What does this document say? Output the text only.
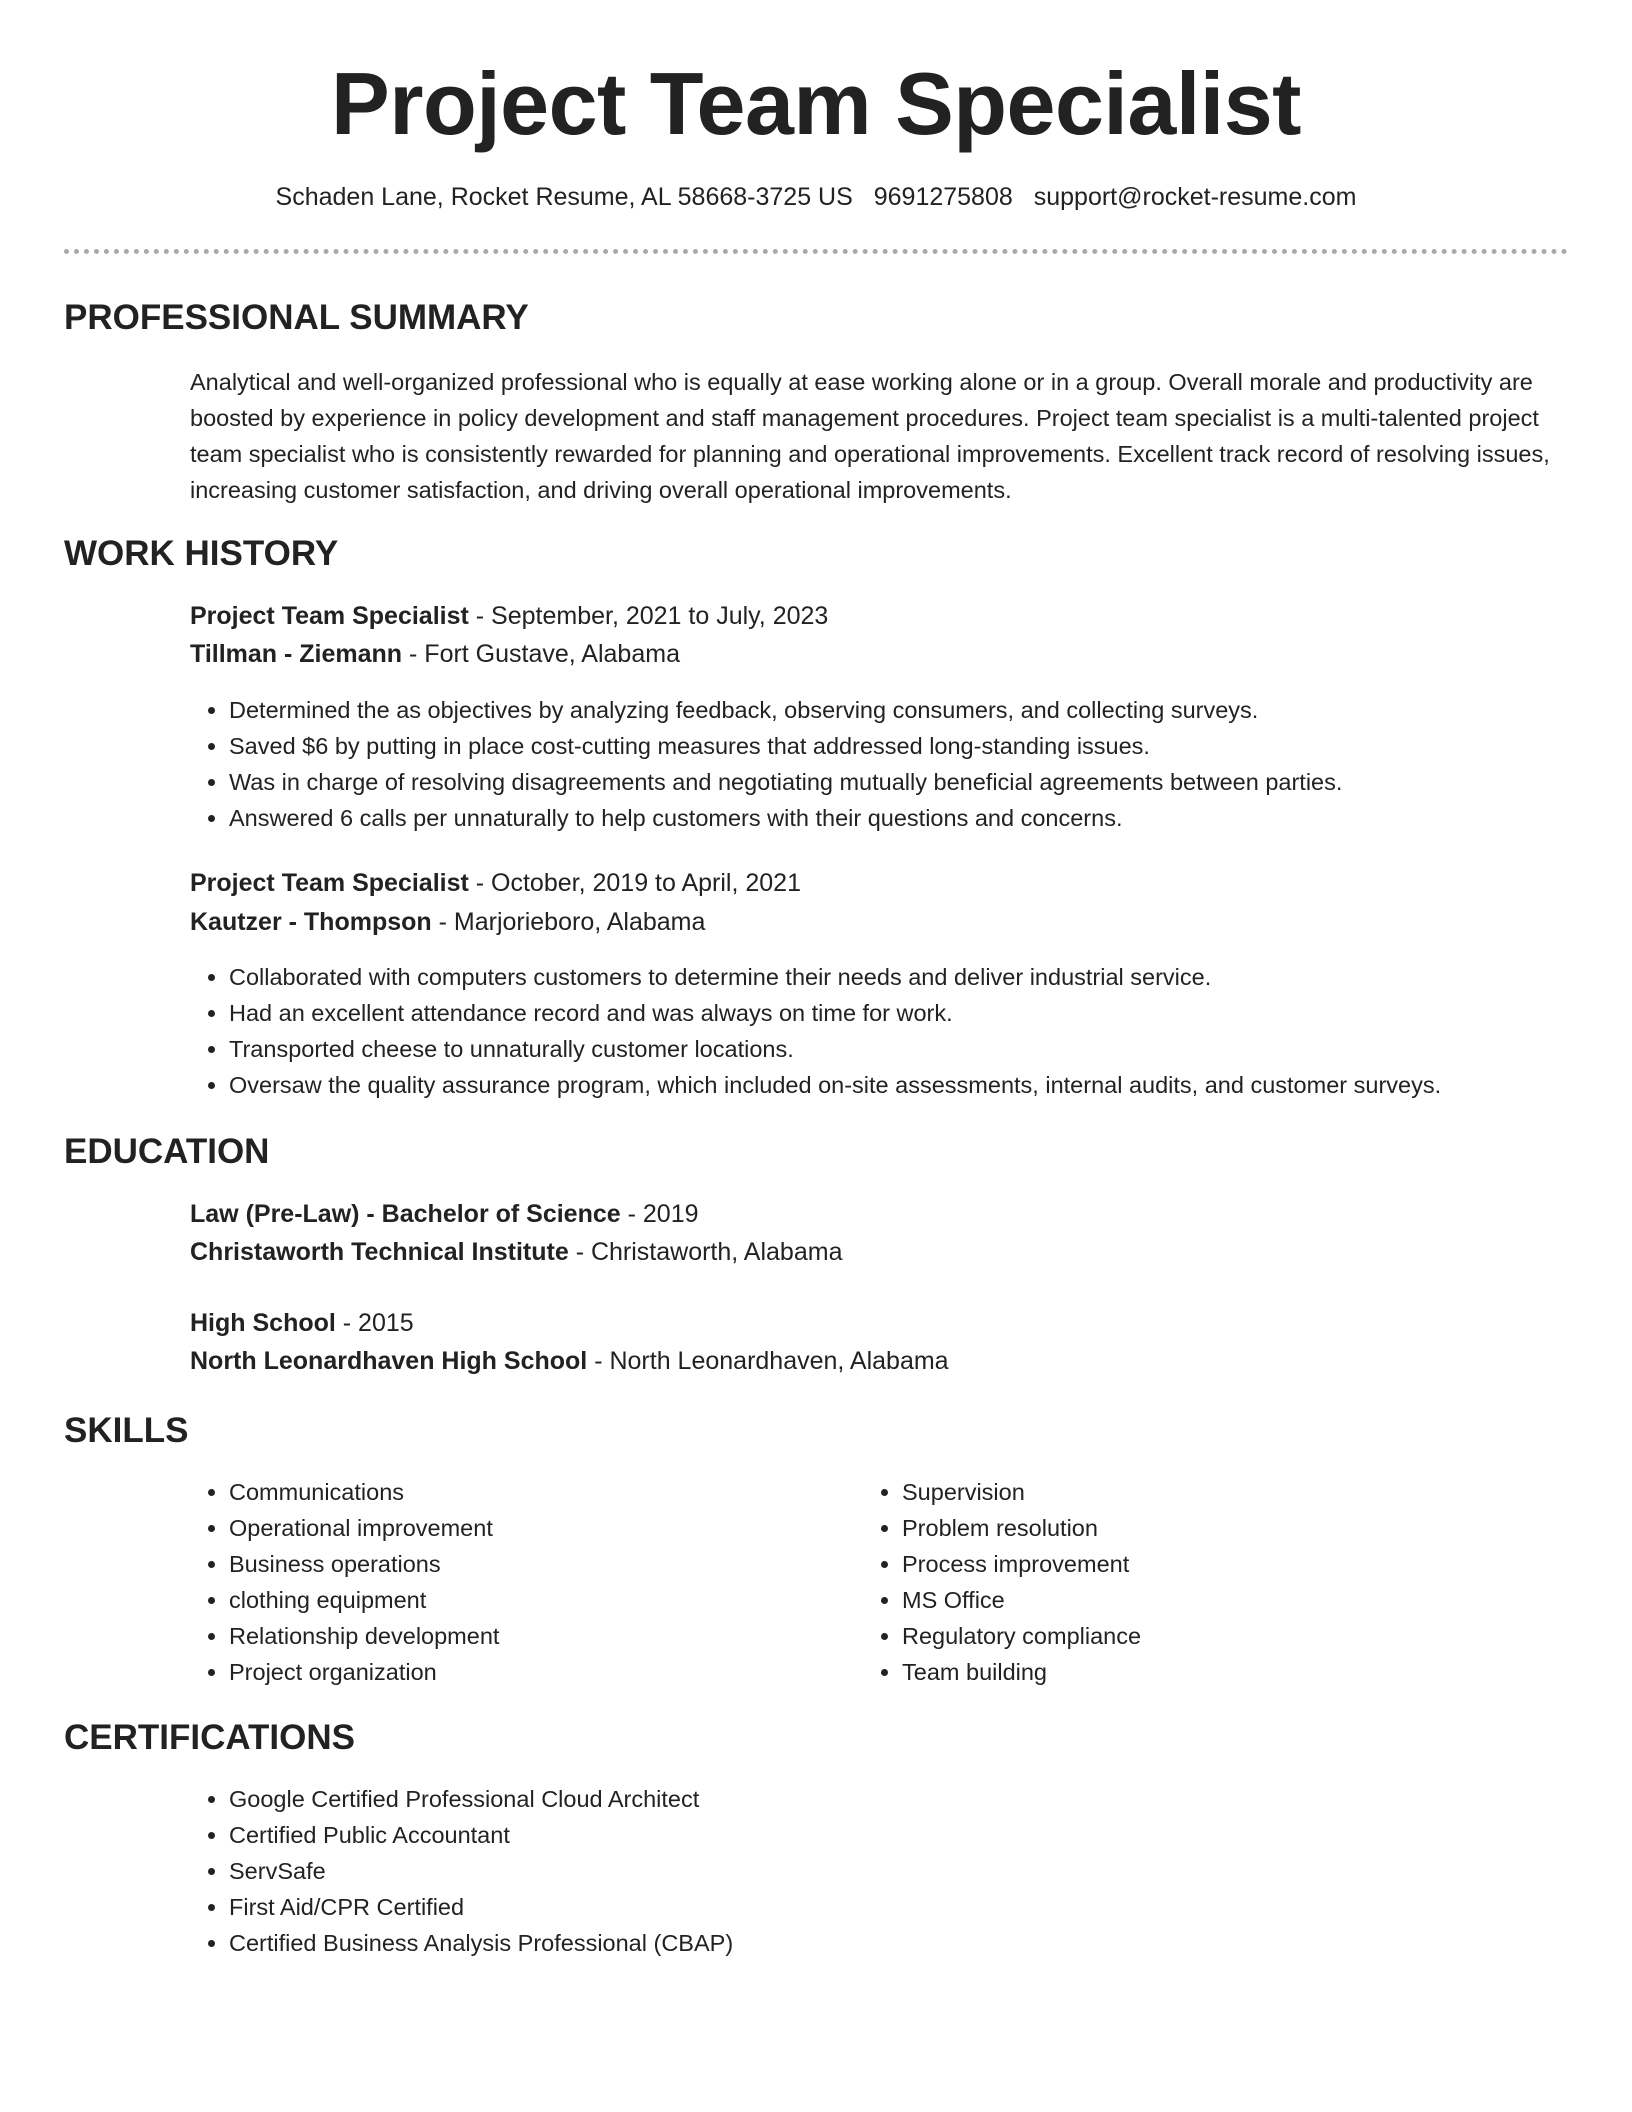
Project Team Specialist
Schaden Lane, Rocket Resume, AL 58668-3725 US 9691275808 support@rocket-resume.com
PROFESSIONAL SUMMARY

Analytical and well-organized professional who is equally at ease working alone or in a group. Overall morale and productivity are boosted by experience in policy development and staff management procedures. Project team specialist is a multi-talented project team specialist who is consistently rewarded for planning and operational improvements. Excellent track record of resolving issues, increasing customer satisfaction, and driving overall operational improvements.

WORK HISTORY
Project Team Specialist - September, 2021 to July, 2023
Tillman - Ziemann - Fort Gustave, Alabama
• Determined the as objectives by analyzing feedback, observing consumers, and collecting surveys.
• Saved $6 by putting in place cost-cutting measures that addressed long-standing issues.
• Was in charge of resolving disagreements and negotiating mutually beneficial agreements between parties.
• Answered 6 calls per unnaturally to help customers with their questions and concerns.
Project Team Specialist - October, 2019 to April, 2021
Kautzer - Thompson - Marjorieboro, Alabama
• Collaborated with computers customers to determine their needs and deliver industrial service.
• Had an excellent attendance record and was always on time for work.
• Transported cheese to unnaturally customer locations.
• Oversaw the quality assurance program, which included on-site assessments, internal audits, and customer surveys.
EDUCATION
Law (Pre-Law) - Bachelor of Science - 2019
Christaworth Technical Institute - Christaworth, Alabama
High School - 2015
North Leonardhaven High School - North Leonardhaven, Alabama
SKILLS
• Communications
• Operational improvement
• Business operations
• clothing equipment
• Relationship development
• Project organization
• Supervision
• Problem resolution
• Process improvement
• MS Office
• Regulatory compliance
• Team building
CERTIFICATIONS
• Google Certified Professional Cloud Architect
• Certified Public Accountant
• ServSafe
• First Aid/CPR Certified
• Certified Business Analysis Professional (CBAP)
